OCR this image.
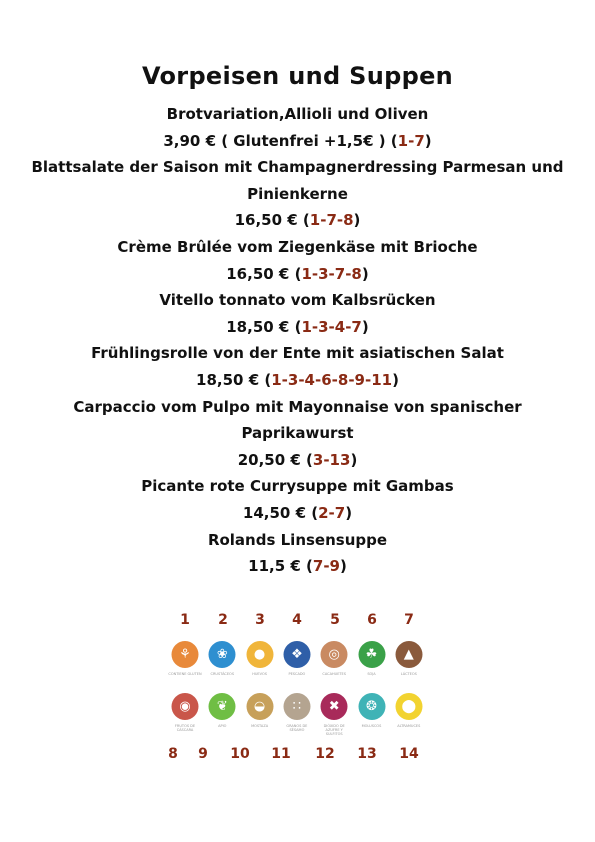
Vorpeisen und Suppen
Brotvariation,Allioli und Oliven
3,90 € ( Glutenfrei +1,5€ ) (1-7)
Blattsalate der Saison mit Champagnerdressing Parmesan und
Pinienkerne
16,50 € (1-7-8)
Crème Brûlée vom Ziegenkäse mit Brioche
16,50 € (1-3-7-8)
Vitello tonnato vom Kalbsrücken
18,50 € (1-3-4-7)
Frühlingsrolle von der Ente mit asiatischen Salat
18,50 € (1-3-4-6-8-9-11)
Carpaccio vom Pulpo mit Mayonnaise von spanischer
Paprikawurst
20,50 € (3-13)
Picante rote Currysuppe mit Gambas
14,50 € (2-7)
Rolands Linsensuppe
11,5 € (7-9)
1 2 3 4 5 6 7
⚘
CONTIENE GLUTEN
❀
CRUSTÁCEOS
●
HUEVOS
❖
PESCADO
◎
CACAHUETES
☘
SOJA
▲
LÁCTEOS
◉
FRUTOS DE CÁSCARA
❦
APIO
◒
MOSTAZA
∷
GRANOS DE SÉSAMO
✖
DIÓXIDO DE AZUFRE Y SULFITOS
❂
MOLUSCOS
⬤
ALTRAMUCES
8 9 10 11 12 13 14
